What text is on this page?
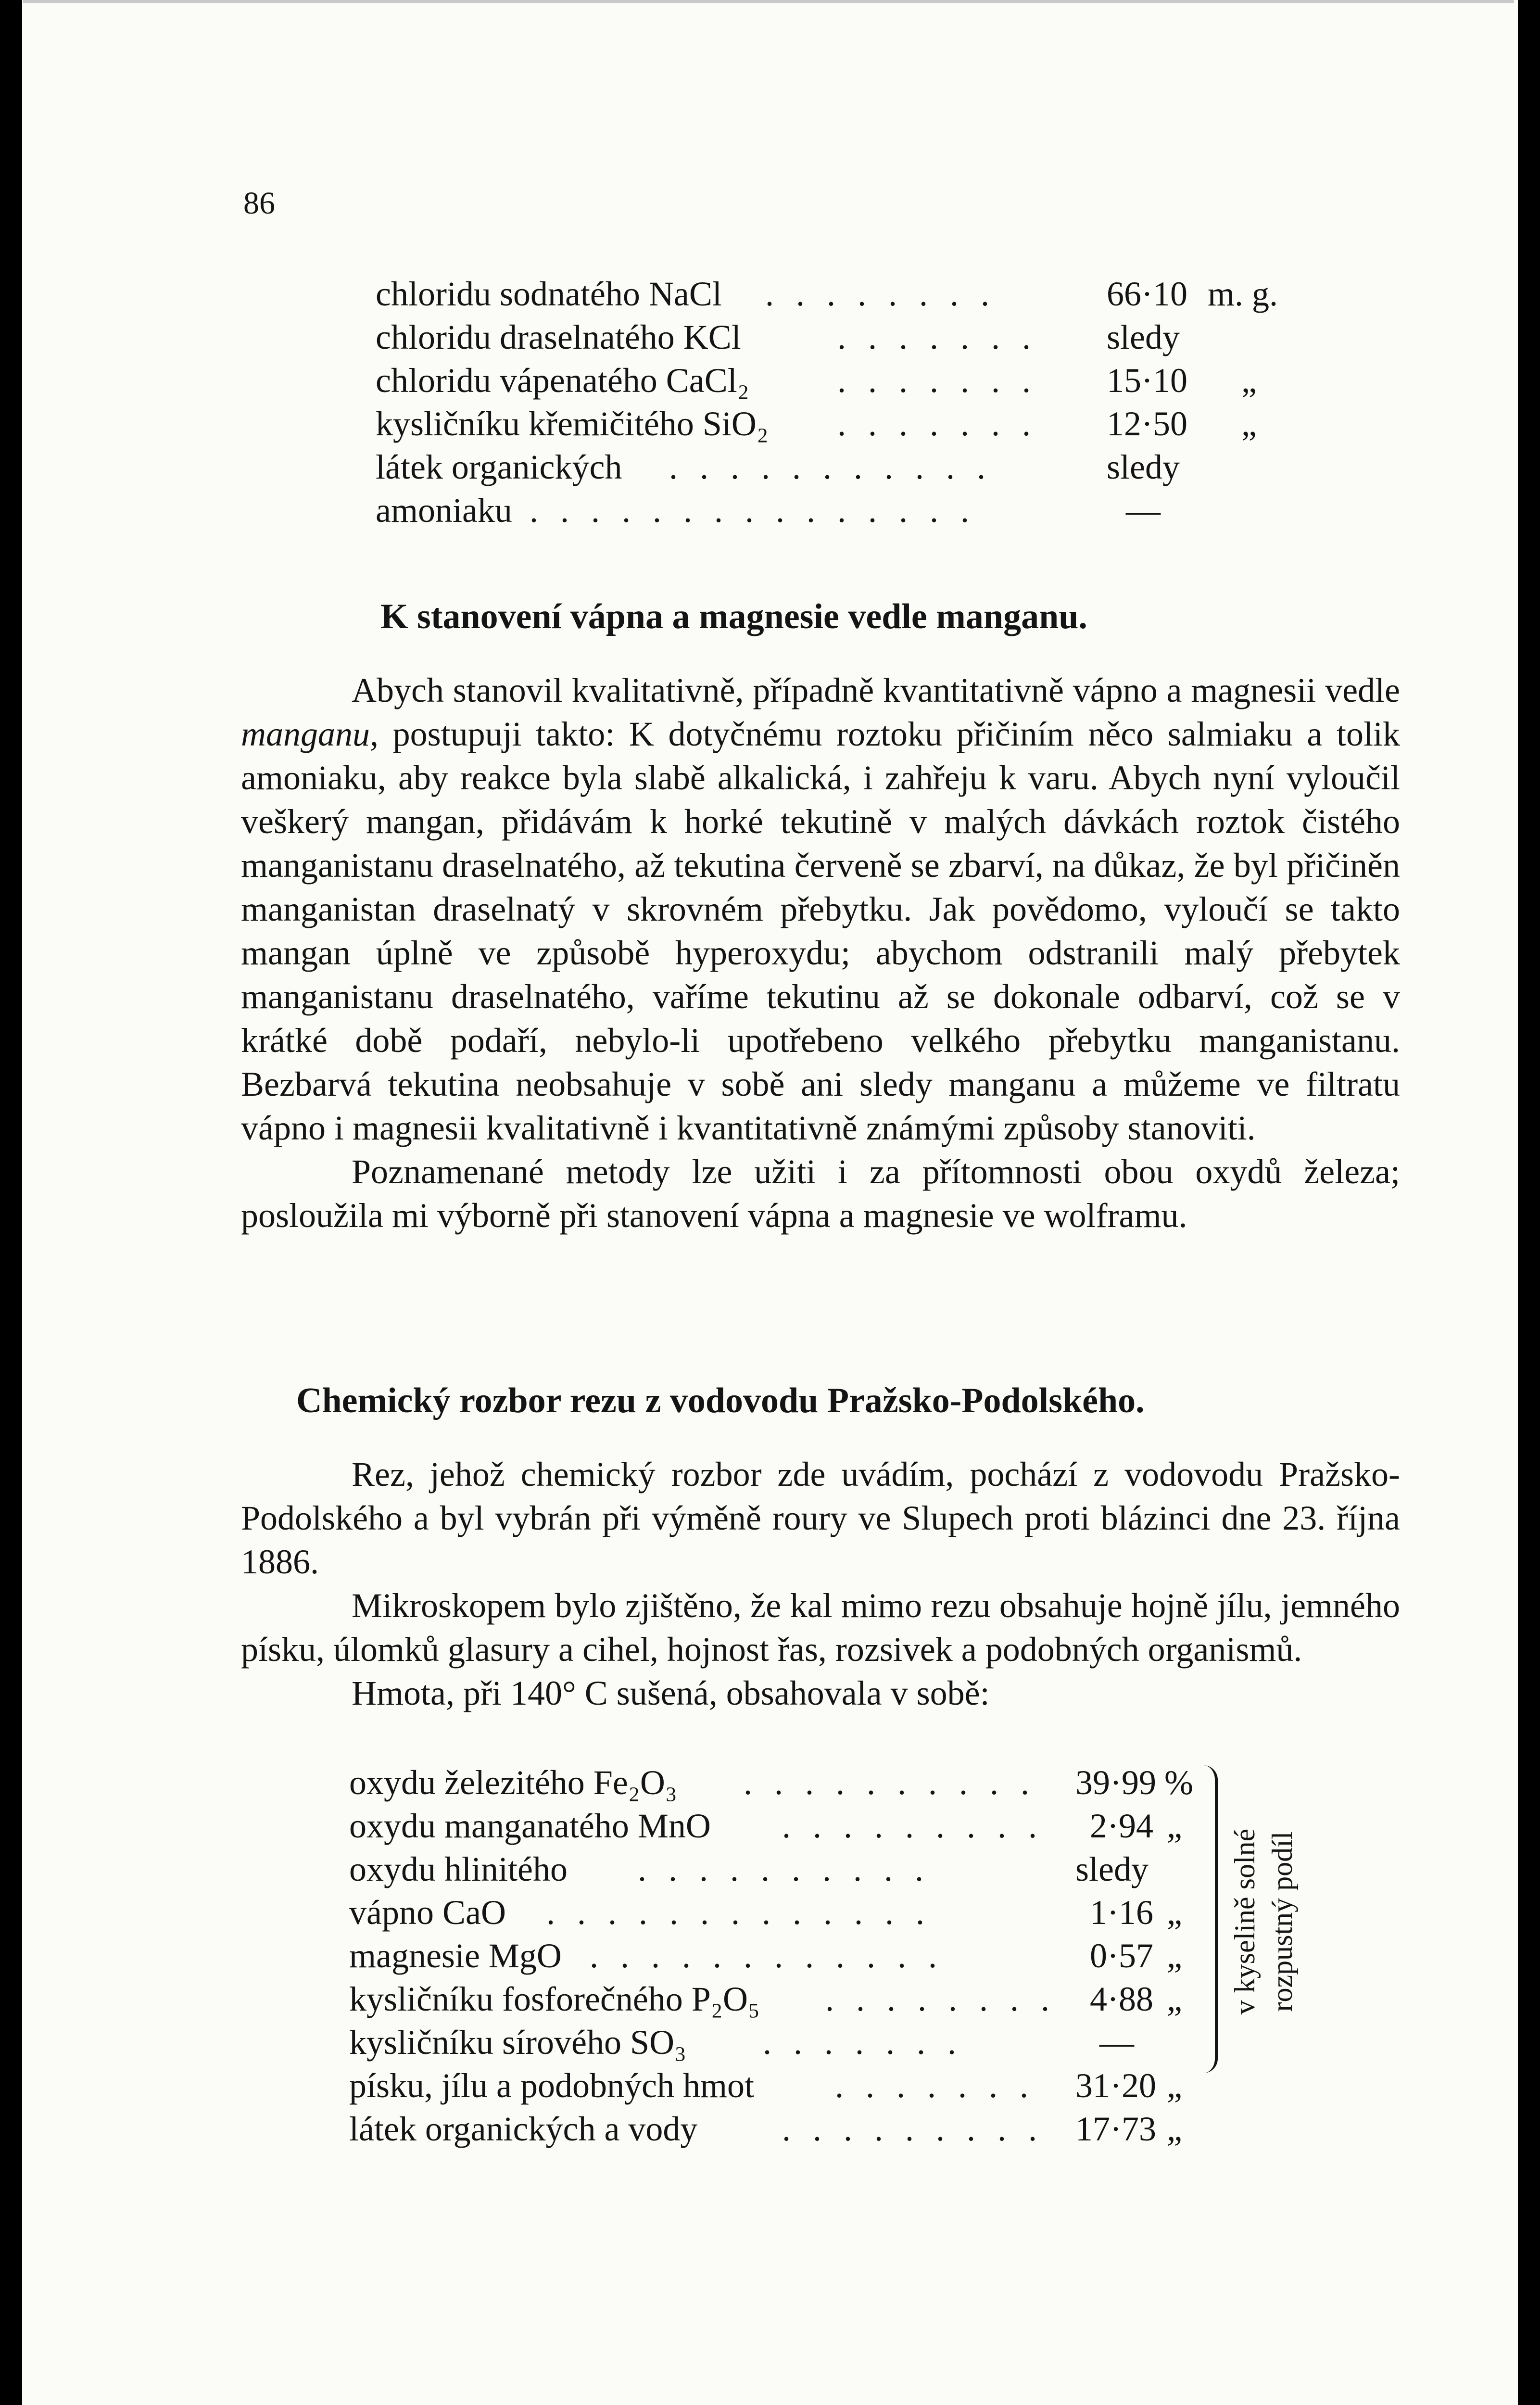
86
chloridu sodnatého NaCl . . . . . . . .	66·10 m. g.
chloridu draselnatého KCl	. . . . . . . sledy
chloridu vápenatého CaCl₂	. . . . . . . 15·10 „
kysličníku křemičitého SiO₂ . . . . . . . 12·50 „
látek organických . . . . . . . . . . .	sledy
amoniaku . . . . . . . . . . . . . . .	—
K stanovení vápna a magnesie vedle manganu.

Abych stanovil kvalitativně, případně kvantitativně vápno a magnesii vedle manganu, postupuji takto: K dotyčnému roztoku přičiním něco salmiaku a tolik amoniaku, aby reakce byla slabě alkalická, i zahřeju k varu. Abych nyní vyloučil veškerý mangan, přidávám k horké tekutině v malých dávkách roztok čistého manganistanu draselnatého, až tekutina červeně se zbarví, na důkaz, že byl přičiněn manganistan draselnatý v skrovném přebytku. Jak povědomo, vyloučí se takto mangan úplně ve způsobě hyperoxydu; abychom odstranili malý přebytek manganistanu draselnatého, vaříme tekutinu až se dokonale odbarví, což se v krátké době podaří, nebylo-li upotřebeno velkého přebytku manganistanu. Bezbarvá tekutina neobsahuje v sobě ani sledy manganu a můžeme ve filtratu vápno i magnesii kvalitativně i kvantitativně známými způsoby stanoviti.

Poznamenané metody lze užiti i za přítomnosti obou oxydů železa; posloužila mi výborně při stanovení vápna a magnesie ve wolframu.

Chemický rozbor rezu z vodovodu Pražsko-Podolského.

Rez, jehož chemický rozbor zde uvádím, pochází z vodovodu Pražsko-Podolského a byl vybrán při výměně roury ve Slupech proti blázinci dne 23. října 1886.

Mikroskopem bylo zjištěno, že kal mimo rezu obsahuje hojně jílu, jemného písku, úlomků glasury a cihel, hojnost řas, rozsivek a podobných organismů.

Hmota, při 140° C sušená, obsahovala v sobě:

oxydu železitého Fe₂O₃ . . . . . . . . . . 39·99 %
oxydu manganatého MnO . . . . . . . . . 2·94 „
oxydu hlinitého . . . . . . . . . .	sledy
vápno CaO . . . . . . . . . . . . .	1·16 „
magnesie MgO . . . . . . . . . . . .	0·57 „
kysličníku fosforečného P₂O₅ . . . . . . . . 4·88 „
kysličníku sírového SO₃ . . . . . . .	—
písku, jílu a podobných hmot . . . . . . . 31·20 „
látek organických a vody . . . . . . . . . 17·73 „
v kyselině solné rozpustný podíl
